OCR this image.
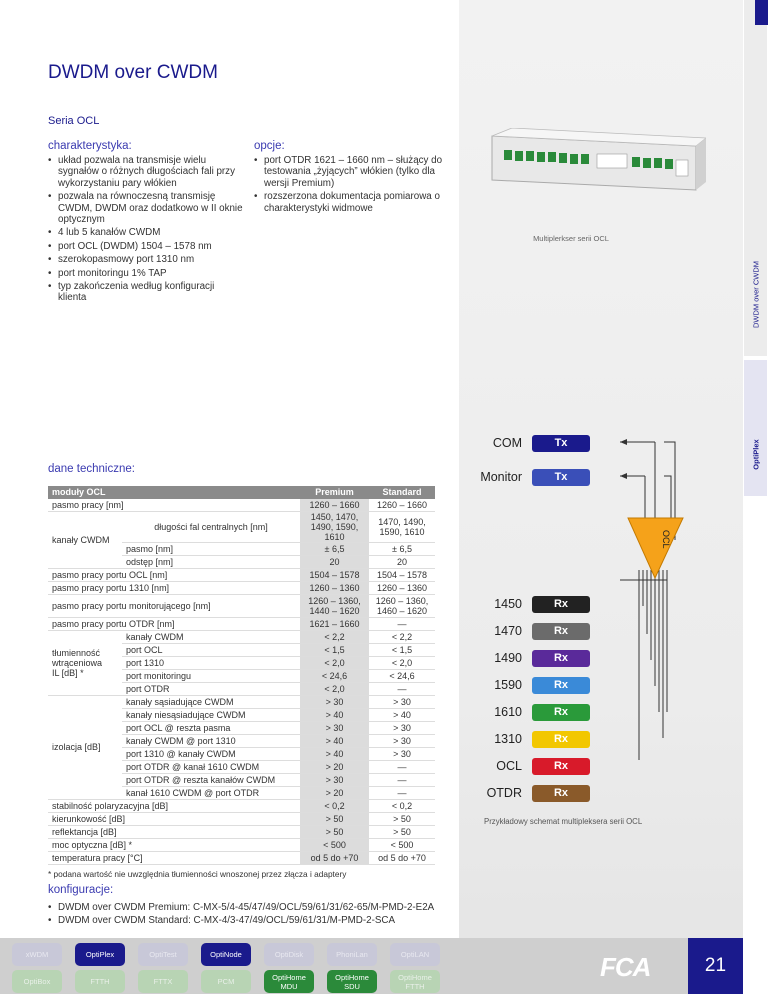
DWDM over CWDM
OptiPlex
DWDM over CWDM
Seria OCL
charakterystyka:
• układ pozwala na transmisje wielu sygnałów o różnych długościach fali przy wykorzystaniu pary włókien
• pozwala na równoczesną transmisję CWDM, DWDM oraz dodatkowo w II oknie optycznym
• 4 lub 5 kanałów CWDM
• port OCL (DWDM) 1504 – 1578 nm
• szerokopasmowy port 1310 nm
• port monitoringu 1% TAP
• typ zakończenia według konfiguracji klienta
opcje:
• port OTDR 1621 – 1660 nm – służący do testowania „żyjących” włókien (tylko dla wersji Premium)
• rozszerzona dokumentacja pomiarowa o charakterystyki widmowe
Multiplerkser serii OCL
dane techniczne:
moduły OCL		Premium	Standard
pasmo pracy [nm]		1260 – 1660	1260 – 1660
kanały CWDM	długości fal centralnych [nm]	1450, 1470, 1490, 1590, 1610	1470, 1490, 1590, 1610
	pasmo [nm]	± 6,5	± 6,5
	odstęp [nm]	20	20
pasmo pracy portu OCL [nm]		1504 – 1578	1504 – 1578
pasmo pracy portu 1310 [nm]		1260 – 1360	1260 – 1360
pasmo pracy portu monitorującego [nm]		1260 – 1360, 1440 – 1620	1260 – 1360, 1460 – 1620
pasmo pracy portu OTDR [nm]		1621 – 1660	—
tłumienność
wtrąceniowa
IL [dB] *	kanały CWDM	< 2,2	< 2,2
	port OCL	< 1,5	< 1,5
	port 1310	< 2,0	< 2,0
	port monitoringu	< 24,6	< 24,6
	port OTDR	< 2,0	—
izolacja [dB]	kanały sąsiadujące CWDM	> 30	> 30
	kanały niesąsiadujące CWDM	> 40	> 40
	port OCL @ reszta pasma	> 30	> 30
	kanały CWDM @ port 1310	> 40	> 30
	port 1310 @ kanały CWDM	> 40	> 30
	port OTDR @ kanał 1610 CWDM	> 20	—
	port OTDR @ reszta kanałów CWDM	> 30	—
	kanał 1610 CWDM @ port OTDR	> 20	—
stabilność polaryzacyjna [dB]		< 0,2	< 0,2
kierunkowość [dB]		> 50	> 50
reflektancja [dB]		> 50	> 50
moc optyczna [dB] *		< 500	< 500
temperatura pracy [°C]		od 5 do +70	od 5 do +70
* podana wartość nie uwzględnia tłumienności wnoszonej przez złącza i adaptery
konfiguracje:
• DWDM over CWDM Premium: C-MX-5/4-45/47/49/OCL/59/61/31/62-65/M-PMD-2-E2A
• DWDM over CWDM Standard: C-MX-4/3-47/49/OCL/59/61/31/M-PMD-2-SCA
OCL
COM	Tx
Monitor	Tx
1450	Rx
1470	Rx
1490	Rx
1590	Rx
1610	Rx
1310	Rx
OCL	Rx
OTDR	Rx
Przykładowy schemat multipleksera serii OCL
xWDM	OptiPlex	OptiTest	OptiNode	OptiDisk	PhoniLan	OptiLAN
OptiBox	FTTH	FTTX	PCM	OptiHome MDU
OptiHome SDU
OptiHome FTTH
FCA	21
